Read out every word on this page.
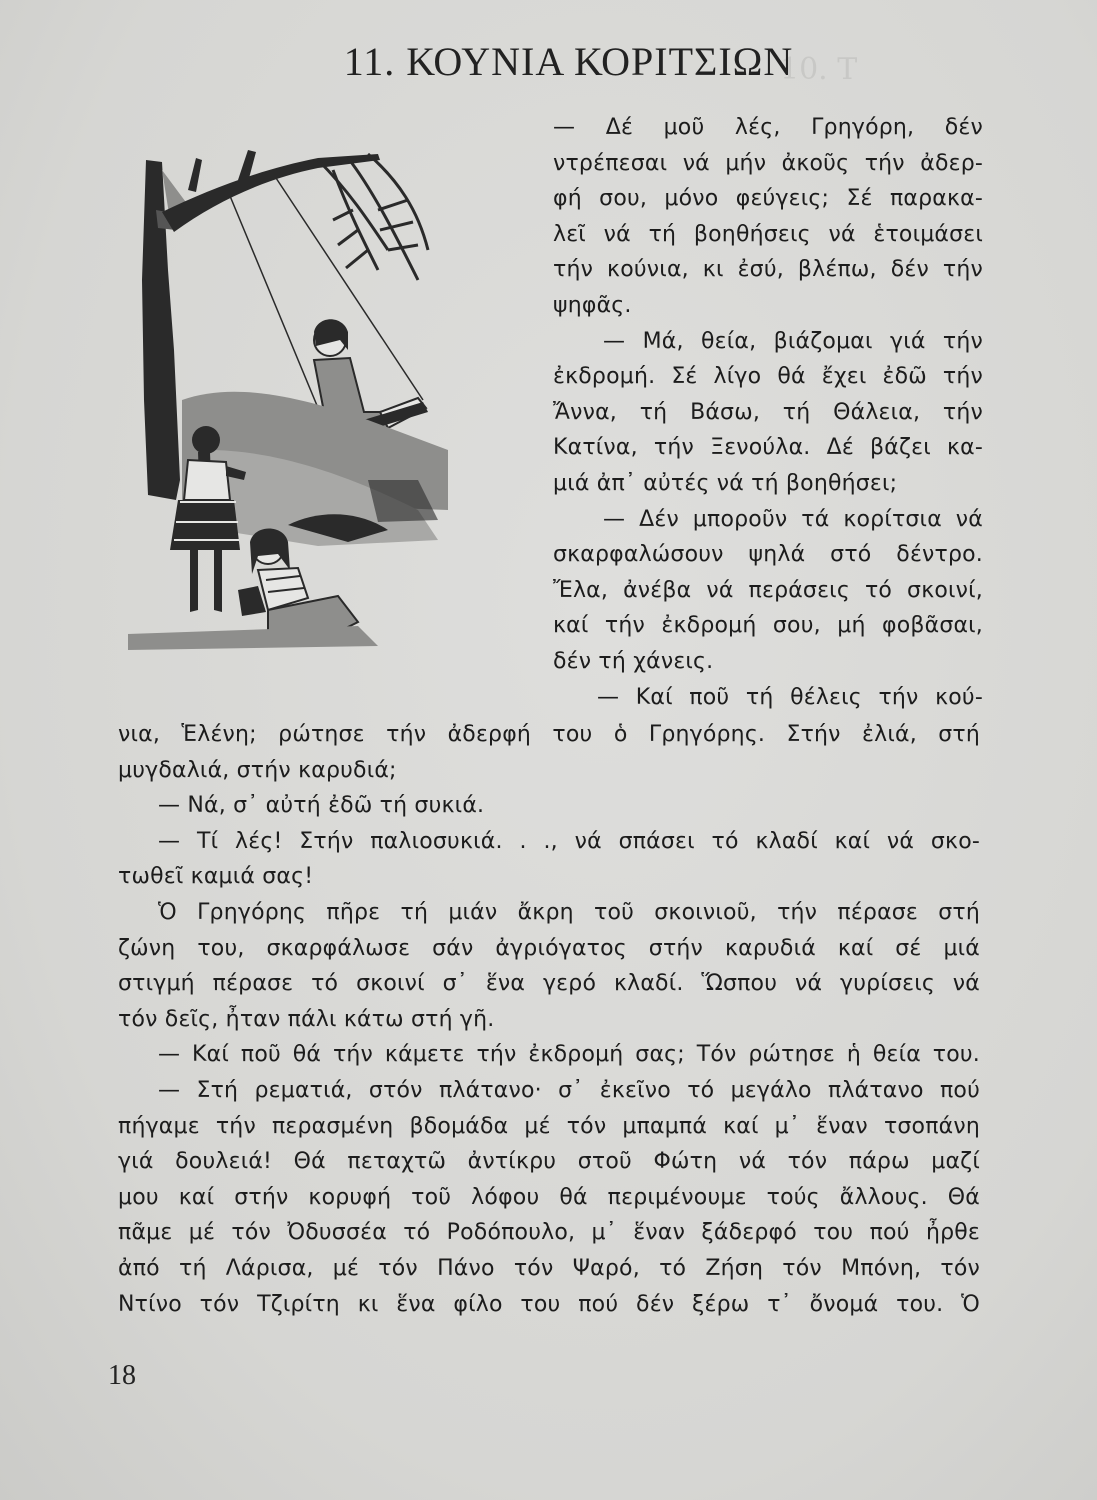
10. Τ
11. ΚΟΥΝΙΑ ΚΟΡΙΤΣΙΩΝ
— Δέ μοῦ λές, Γρηγόρη, δέν
ντρέπεσαι νά μήν ἀκοῦς τήν ἀδερ-
φή σου, μόνο φεύγεις; Σέ παρακα-
λεῖ νά τή βοηθήσεις νά ἑτοιμάσει
τήν κούνια, κι ἐσύ, βλέπω, δέν τήν
ψηφᾶς.
— Μά, θεία, βιάζομαι γιά τήν
ἐκδρομή. Σέ λίγο θά ἔχει ἐδῶ τήν
Ἄννα, τή Βάσω, τή Θάλεια, τήν
Κατίνα, τήν Ξενούλα. Δέ βάζει κα-
μιά ἀπ᾽ αὐτές νά τή βοηθήσει;
— Δέν μποροῦν τά κορίτσια νά
σκαρφαλώσουν ψηλά στό δέντρο.
Ἔλα, ἀνέβα νά περάσεις τό σκοινί,
καί τήν ἐκδρομή σου, μή φοβᾶσαι,
δέν τή χάνεις.
— Καί ποῦ τή θέλεις τήν κού-
νια, Ἑλένη; ρώτησε τήν ἀδερφή του ὁ Γρηγόρης. Στήν ἐλιά, στή
μυγδαλιά, στήν καρυδιά;
— Νά, σ᾽ αὐτή ἐδῶ τή συκιά.
— Τί λές! Στήν παλιοσυκιά. . ., νά σπάσει τό κλαδί καί νά σκο-
τωθεῖ καμιά σας!
Ὁ Γρηγόρης πῆρε τή μιάν ἄκρη τοῦ σκοινιοῦ, τήν πέρασε στή
ζώνη του, σκαρφάλωσε σάν ἀγριόγατος στήν καρυδιά καί σέ μιά
στιγμή πέρασε τό σκοινί σ᾽ ἕνα γερό κλαδί. Ὥσπου νά γυρίσεις νά
τόν δεῖς, ἦταν πάλι κάτω στή γῆ.
— Καί ποῦ θά τήν κάμετε τήν ἐκδρομή σας; Τόν ρώτησε ἡ θεία του.
— Στή ρεματιά, στόν πλάτανο· σ᾽ ἐκεῖνο τό μεγάλο πλάτανο πού
πήγαμε τήν περασμένη βδομάδα μέ τόν μπαμπά καί μ᾽ ἕναν τσοπάνη
γιά δουλειά! Θά πεταχτῶ ἀντίκρυ στοῦ Φώτη νά τόν πάρω μαζί
μου καί στήν κορυφή τοῦ λόφου θά περιμένουμε τούς ἄλλους. Θά
πᾶμε μέ τόν Ὀδυσσέα τό Ροδόπουλο, μ᾽ ἕναν ξάδερφό του πού ἦρθε
ἀπό τή Λάρισα, μέ τόν Πάνο τόν Ψαρό, τό Ζήση τόν Μπόνη, τόν
Ντίνο τόν Τζιρίτη κι ἕνα φίλο του πού δέν ξέρω τ᾽ ὄνομά του. Ὁ
18
